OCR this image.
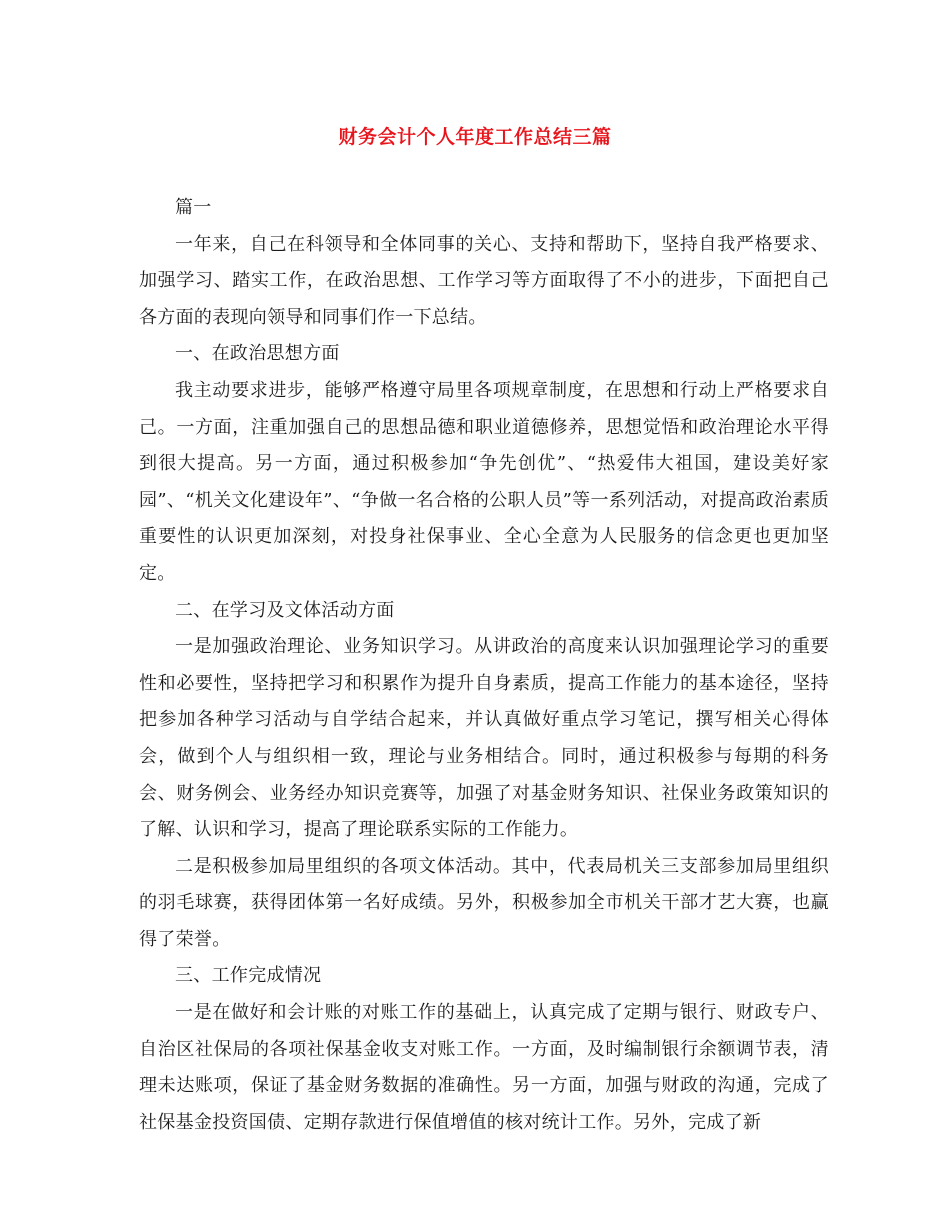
财务会计个人年度工作总结三篇

篇一

一年来，自己在科领导和全体同事的关心、支持和帮助下，坚持自我严格要求、加强学习、踏实工作，在政治思想、工作学习等方面取得了不小的进步，下面把自己各方面的表现向领导和同事们作一下总结。

一、在政治思想方面

我主动要求进步，能够严格遵守局里各项规章制度，在思想和行动上严格要求自己。一方面，注重加强自己的思想品德和职业道德修养，思想觉悟和政治理论水平得到很大提高。另一方面，通过积极参加“争先创优”、“热爱伟大祖国，建设美好家园”、“机关文化建设年”、“争做一名合格的公职人员”等一系列活动，对提高政治素质重要性的认识更加深刻，对投身社保事业、全心全意为人民服务的信念更也更加坚定。

二、在学习及文体活动方面

一是加强政治理论、业务知识学习。从讲政治的高度来认识加强理论学习的重要性和必要性，坚持把学习和积累作为提升自身素质，提高工作能力的基本途径，坚持把参加各种学习活动与自学结合起来，并认真做好重点学习笔记，撰写相关心得体会，做到个人与组织相一致，理论与业务相结合。同时，通过积极参与每期的科务会、财务例会、业务经办知识竞赛等，加强了对基金财务知识、社保业务政策知识的了解、认识和学习，提高了理论联系实际的工作能力。

二是积极参加局里组织的各项文体活动。其中，代表局机关三支部参加局里组织的羽毛球赛，获得团体第一名好成绩。另外，积极参加全市机关干部才艺大赛，也赢得了荣誉。

三、工作完成情况

一是在做好和会计账的对账工作的基础上，认真完成了定期与银行、财政专户、自治区社保局的各项社保基金收支对账工作。一方面，及时编制银行余额调节表，清理未达账项，保证了基金财务数据的准确性。另一方面，加强与财政的沟通，完成了社保基金投资国债、定期存款进行保值增值的核对统计工作。另外，完成了新
